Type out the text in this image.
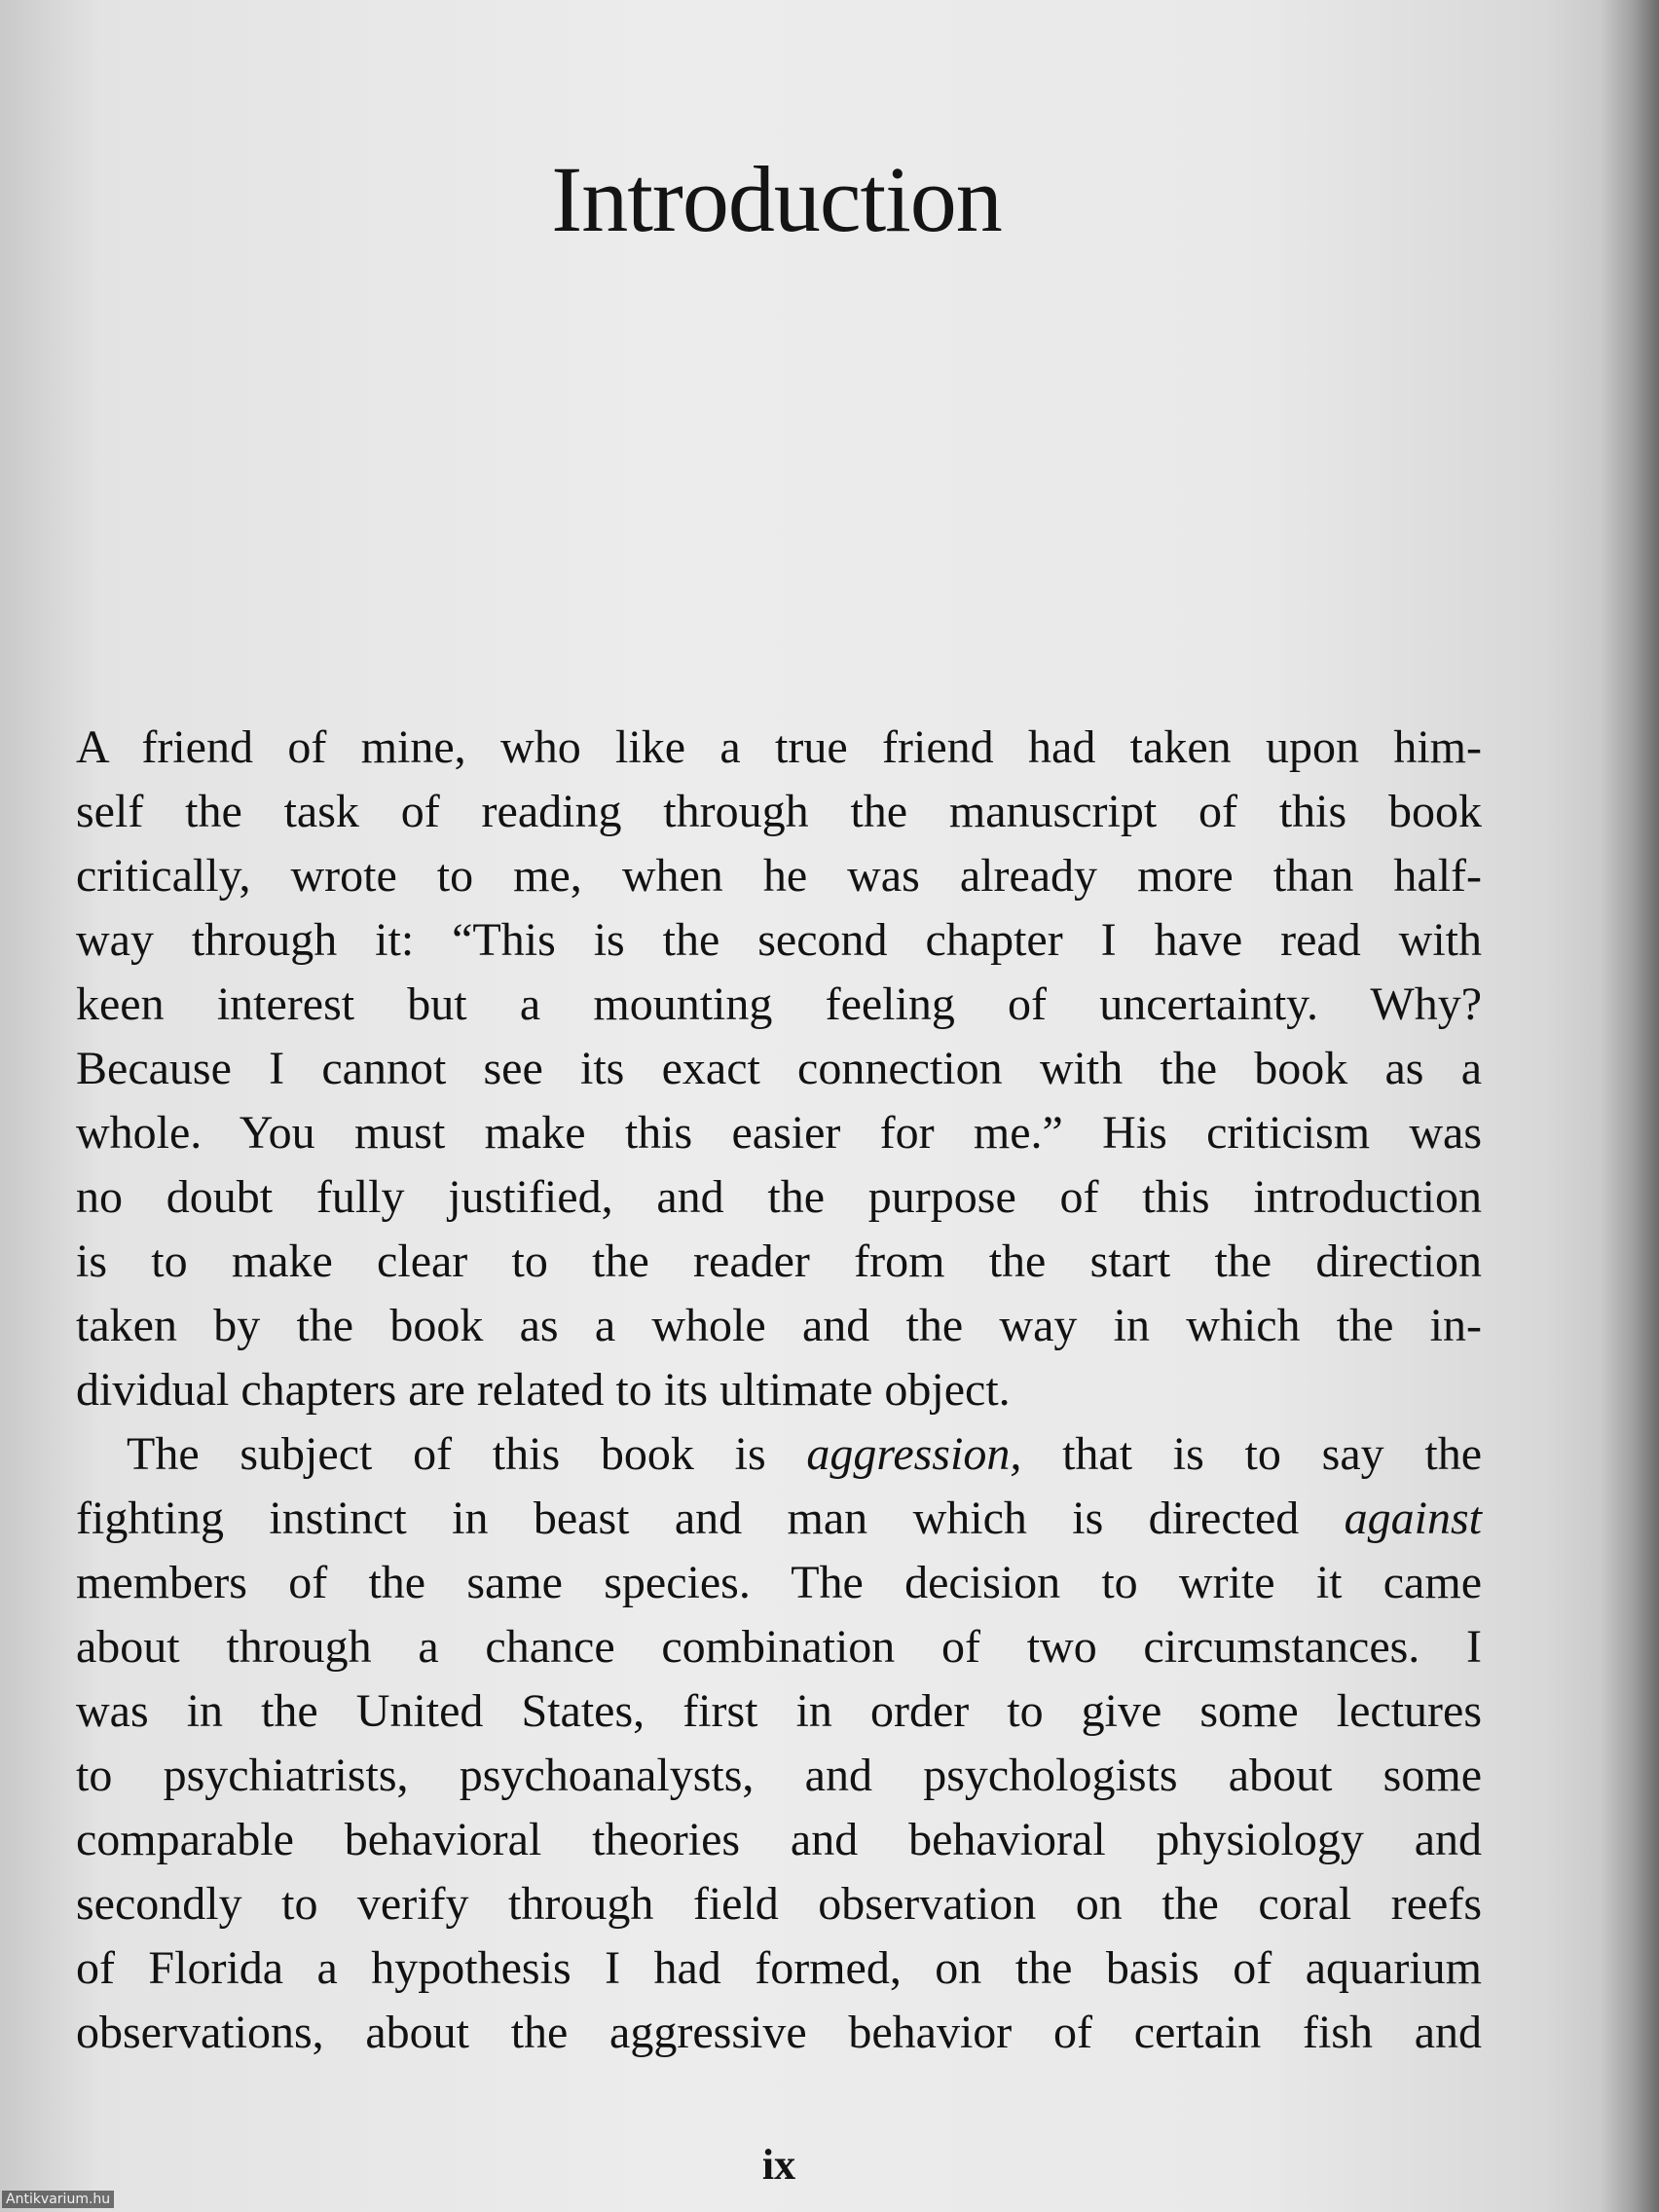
Introduction
A friend of mine, who like a true friend had taken upon him-
self the task of reading through the manuscript of this book
critically, wrote to me, when he was already more than half-
way through it: “This is the second chapter I have read with
keen interest but a mounting feeling of uncertainty. Why?
Because I cannot see its exact connection with the book as a
whole. You must make this easier for me.” His criticism was
no doubt fully justified, and the purpose of this introduction
is to make clear to the reader from the start the direction
taken by the book as a whole and the way in which the in-
dividual chapters are related to its ultimate object.
The subject of this book is aggression, that is to say the
fighting instinct in beast and man which is directed against
members of the same species. The decision to write it came
about through a chance combination of two circumstances. I
was in the United States, first in order to give some lectures
to psychiatrists, psychoanalysts, and psychologists about some
comparable behavioral theories and behavioral physiology and
secondly to verify through field observation on the coral reefs
of Florida a hypothesis I had formed, on the basis of aquarium
observations, about the aggressive behavior of certain fish and
ix
Antikvarium.hu
